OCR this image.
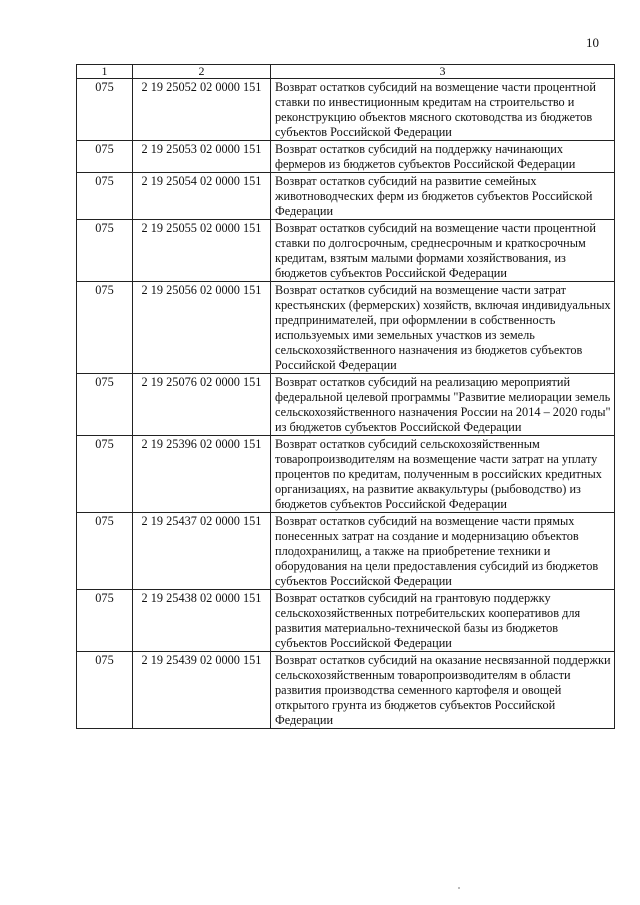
10
1	2	3
075	2 19 25052 02 0000 151	Возврат остатков субсидий на возмещение части процентной ставки по инвестиционным кредитам на строительство и реконструкцию объектов мясного скотоводства из бюджетов субъектов Российской Федерации
075	2 19 25053 02 0000 151	Возврат остатков субсидий на поддержку начинающих фермеров из бюджетов субъектов Российской Федерации
075	2 19 25054 02 0000 151	Возврат остатков субсидий на развитие семейных животноводческих ферм из бюджетов субъектов Российской Федерации
075	2 19 25055 02 0000 151	Возврат остатков субсидий на возмещение части процентной ставки по долгосрочным, среднесрочным и краткосрочным кредитам, взятым малыми формами хозяйствования, из бюджетов субъектов Российской Федерации
075	2 19 25056 02 0000 151	Возврат остатков субсидий на возмещение части затрат крестьянских (фермерских) хозяйств, включая индивидуальных предпринимателей, при оформлении в собственность используемых ими земельных участков из земель сельскохозяйственного назначения из бюджетов субъектов Российской Федерации
075	2 19 25076 02 0000 151	Возврат остатков субсидий на реализацию мероприятий федеральной целевой программы "Развитие мелиорации земель сельскохозяйственного назначения России на 2014 – 2020 годы" из бюджетов субъектов Российской Федерации
075	2 19 25396 02 0000 151	Возврат остатков субсидий сельскохозяйственным товаропроизводителям на возмещение части затрат на уплату процентов по кредитам, полученным в российских кредитных организациях, на развитие аквакультуры (рыбоводство) из бюджетов субъектов Российской Федерации
075	2 19 25437 02 0000 151	Возврат остатков субсидий на возмещение части прямых понесенных затрат на создание и модернизацию объектов плодохранилищ, а также на приобретение техники и оборудования на цели предоставления субсидий из бюджетов субъектов Российской Федерации
075	2 19 25438 02 0000 151	Возврат остатков субсидий на грантовую поддержку сельскохозяйственных потребительских кооперативов для развития материально-технической базы из бюджетов субъектов Российской Федерации
075	2 19 25439 02 0000 151	Возврат остатков субсидий на оказание несвязанной поддержки сельскохозяйственным товаропроизводителям в области развития производства семенного картофеля и овощей открытого грунта из бюджетов субъектов Российской Федерации
